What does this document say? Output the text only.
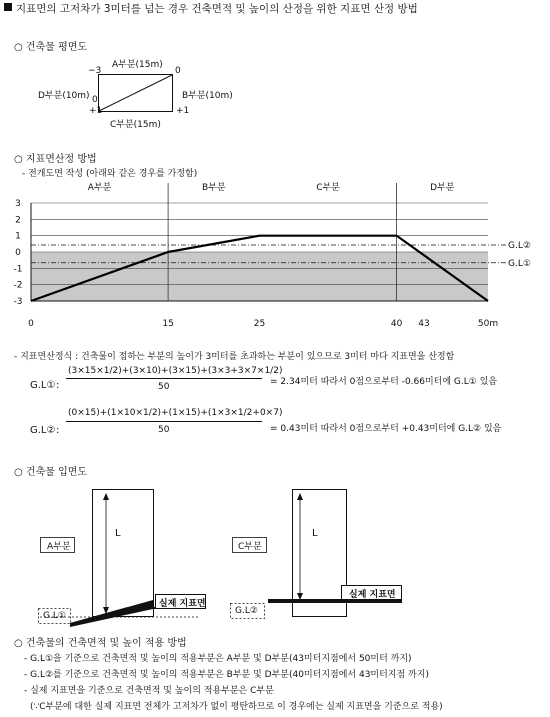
지표면의 고저차가 3미터를 넘는 경우 건축면적 및 높이의 산정을 위한 지표면 산정 방법
○ 건축물 평면도
A부분(15m)
D부분(10m)	B부분(10m)
C부분(15m)
−3	0
0
+1	+1
○ 지표면산정 방법
- 전개도면 작성 (아래와 같은 경우를 가정함)
3
2
1
0
-1
-2
-3
A부분	B부분	C부분	D부분
G.L②
G.L①
0	15	25	40 43	50m
- 지표면산정식 : 건축물이 접하는 부분의 높이가 3미터를 초과하는 부분이 있으므로 3미터 마다 지표면을 산정함
G.L① :
(3×15×1/2)+(3×10)+(3×15)+(3×3+3×7×1/2)
50	= 2.34미터 따라서 0점으로부터 -0.66미터에 G.L① 있음
G.L② :
(0×15)+(1×10×1/2)+(1×15)+(1×3×1/2+0×7)
50	= 0.43미터 따라서 0점으로부터 +0.43미터에 G.L② 있음
○ 건축물 입면도
A부분
L
G.L①
실제 지표면
C부분
L
G.L②
실제 지표면
○ 건축물의 건축면적 및 높이 적용 방법
- G.L①을 기준으로 건축면적 및 높이의 적용부분은 A부분 및 D부분(43미터지점에서 50미터 까지)
- G.L②를 기준으로 건축면적 및 높이의 적용부분은 B부분 및 D부분(40미터지점에서 43미터지점 까지)
- 실제 지표면을 기준으로 건축면적 및 높이의 적용부분은 C부분
(∵C부분에 대한 실제 지표면 전체가 고저차가 없이 평탄하므로 이 경우에는 실제 지표면을 기준으로 적용)
